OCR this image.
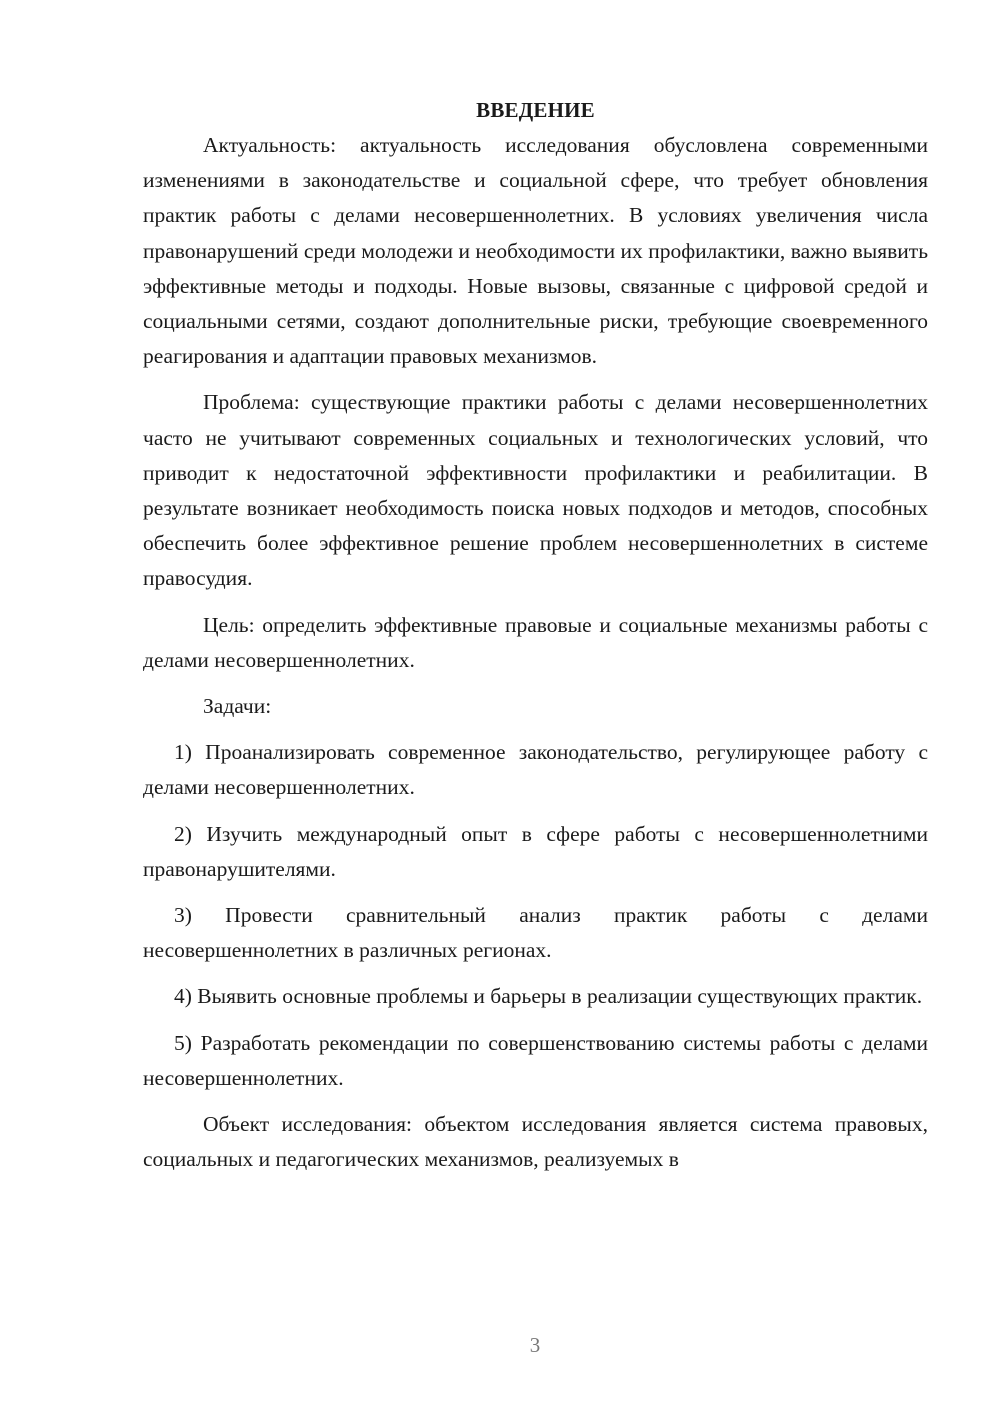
ВВЕДЕНИЕ

Актуальность: актуальность исследования обусловлена современными изменениями в законодательстве и социальной сфере, что требует обновления практик работы с делами несовершеннолетних. В условиях увеличения числа правонарушений среди молодежи и необходимости их профилактики, важно выявить эффективные методы и подходы. Новые вызовы, связанные с цифровой средой и социальными сетями, создают дополнительные риски, требующие своевременного реагирования и адаптации правовых механизмов.

Проблема: существующие практики работы с делами несовершеннолетних часто не учитывают современных социальных и технологических условий, что приводит к недостаточной эффективности профилактики и реабилитации. В результате возникает необходимость поиска новых подходов и методов, способных обеспечить более эффективное решение проблем несовершеннолетних в системе правосудия.

Цель: определить эффективные правовые и социальные механизмы работы с делами несовершеннолетних.

Задачи:

1) Проанализировать современное законодательство, регулирующее работу с делами несовершеннолетних.

2) Изучить международный опыт в сфере работы с несовершеннолетними правонарушителями.

3) Провести сравнительный анализ практик работы с делами несовершеннолетних в различных регионах.

4) Выявить основные проблемы и барьеры в реализации существующих практик.

5) Разработать рекомендации по совершенствованию системы работы с делами несовершеннолетних.

Объект исследования: объектом исследования является система правовых, социальных и педагогических механизмов, реализуемых в

3
